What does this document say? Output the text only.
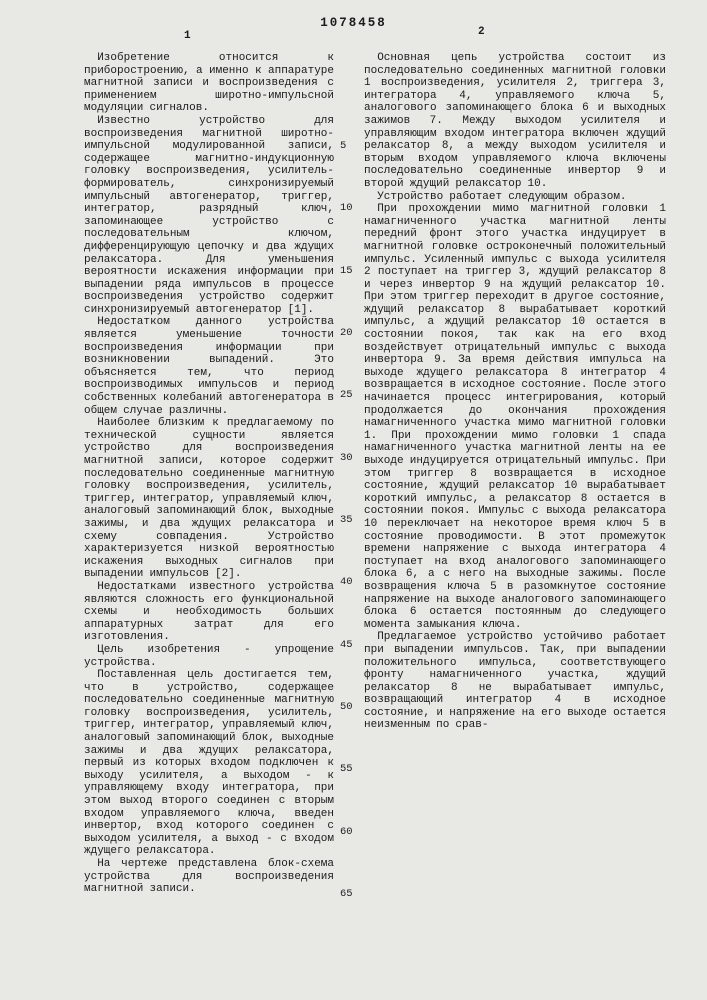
1078458
1	2

Изобретение относится к приборостроению, а именно к аппаратуре магнитной записи и воспроизведения с применением широтно-импульсной модуляции сигналов.

Известно устройство для воспроизведения магнитной широтно-импульсной модулированной записи, содержащее магнитно-индукционную головку воспроизведения, усилитель-формирователь, синхронизируемый импульсный автогенератор, триггер, интегратор, разрядный ключ, запоминающее устройство с последовательным ключом, дифференцирующую цепочку и два ждущих релаксатора. Для уменьшения вероятности искажения информации при выпадении ряда импульсов в процессе воспроизведения устройство содержит синхронизируемый автогенератор [1].

Недостатком данного устройства является уменьшение точности воспроизведения информации при возникновении выпадений. Это объясняется тем, что период воспроизводимых импульсов и период собственных колебаний автогенератора в общем случае различны.

Наиболее близким к предлагаемому по технической сущности является устройство для воспроизведения магнитной записи, которое содержит последовательно соединенные магнитную головку воспроизведения, усилитель, триггер, интегратор, управляемый ключ, аналоговый запоминающий блок, выходные зажимы, и два ждущих релаксатора и схему совпадения. Устройство характеризуется низкой вероятностью искажения выходных сигналов при выпадении импульсов [2].

Недостатками известного устройства являются сложность его функциональной схемы и необходимость больших аппаратурных затрат для его изготовления.

Цель изобретения - упрощение устройства.

Поставленная цель достигается тем, что в устройство, содержащее последовательно соединенные магнитную головку воспроизведения, усилитель, триггер, интегратор, управляемый ключ, аналоговый запоминающий блок, выходные зажимы и два ждущих релаксатора, первый из которых входом подключен к выходу усилителя, а выходом - к управляющему входу интегратора, при этом выход второго соединен с вторым входом управляемого ключа, введен инвертор, вход которого соединен с выходом усилителя, а выход - с входом ждущего релаксатора.

На чертеже представлена блок-схема устройства для воспроизведения магнитной записи.

5
10
15
20
25
30
35
40
45
50
55
60
65

Основная цепь устройства состоит из последовательно соединенных магнитной головки 1 воспроизведения, усилителя 2, триггера 3, интегратора 4, управляемого ключа 5, аналогового запоминающего блока 6 и выходных зажимов 7. Между выходом усилителя и управляющим входом интегратора включен ждущий релаксатор 8, а между выходом усилителя и вторым входом управляемого ключа включены последовательно соединенные инвертор 9 и второй ждущий релаксатор 10.

Устройство работает следующим образом.

При прохождении мимо магнитной головки 1 намагниченного участка магнитной ленты передний фронт этого участка индуцирует в магнитной головке остроконечный положительный импульс. Усиленный импульс с выхода усилителя 2 поступает на триггер 3, ждущий релаксатор 8 и через инвертор 9 на ждущий релаксатор 10. При этом триггер переходит в другое состояние, ждущий релаксатор 8 вырабатывает короткий импульс, а ждущий релаксатор 10 остается в состоянии покоя, так как на его вход воздействует отрицательный импульс с выхода инвертора 9. За время действия импульса на выходе ждущего релаксатора 8 интегратор 4 возвращается в исходное состояние. После этого начинается процесс интегрирования, который продолжается до окончания прохождения намагниченного участка мимо магнитной головки 1. При прохождении мимо головки 1 спада намагниченного участка магнитной ленты на ее выходе индуцируется отрицательный импульс. При этом триггер 8 возвращается в исходное состояние, ждущий релаксатор 10 вырабатывает короткий импульс, а релаксатор 8 остается в состоянии покоя. Импульс с выхода релаксатора 10 переключает на некоторое время ключ 5 в состояние проводимости. В этот промежуток времени напряжение с выхода интегратора 4 поступает на вход аналогового запоминающего блока 6, а с него на выходные зажимы. После возвращения ключа 5 в разомкнутое состояние напряжение на выходе аналогового запоминающего блока 6 остается постоянным до следующего момента замыкания ключа.

Предлагаемое устройство устойчиво работает при выпадении импульсов. Так, при выпадении положительного импульса, соответствующего фронту намагниченного участка, ждущий релаксатор 8 не вырабатывает импульс, возвращающий интегратор 4 в исходное состояние, и напряжение на его выходе остается неизменным по срав-
